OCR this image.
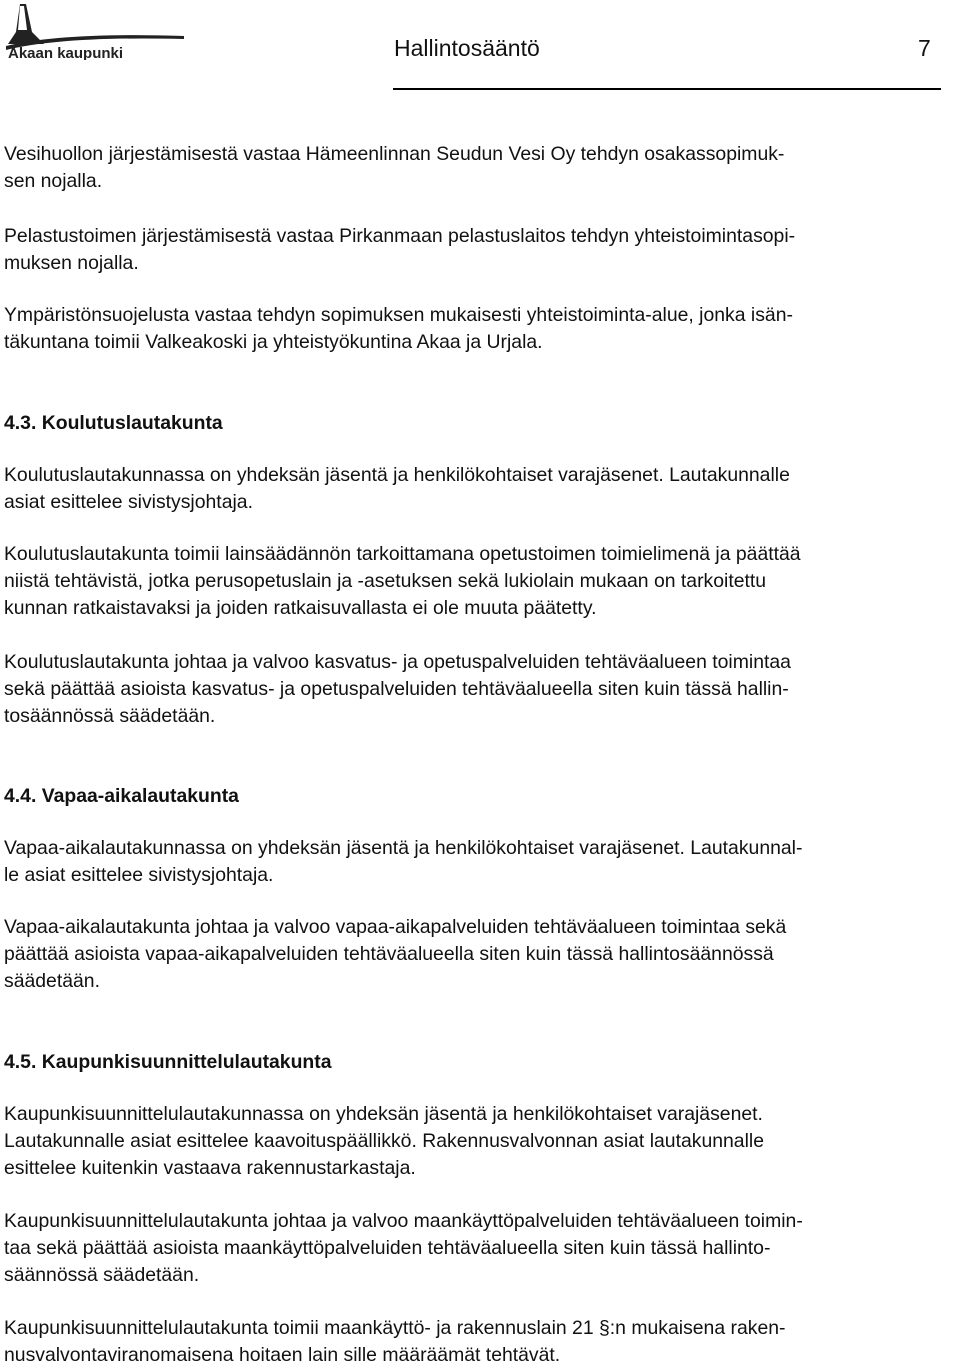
Akaan kaupunki	Hallintosääntö	7

Vesihuollon järjestämisestä vastaa Hämeenlinnan Seudun Vesi Oy tehdyn osakassopimuk-
sen nojalla.

Pelastustoimen järjestämisestä vastaa Pirkanmaan pelastuslaitos tehdyn yhteistoimintasopi-
muksen nojalla.

Ympäristönsuojelusta vastaa tehdyn sopimuksen mukaisesti yhteistoiminta-alue, jonka isän-
täkuntana toimii Valkeakoski ja yhteistyökuntina Akaa ja Urjala.

4.3. Koulutuslautakunta

Koulutuslautakunnassa on yhdeksän jäsentä ja henkilökohtaiset varajäsenet. Lautakunnalle
asiat esittelee sivistysjohtaja.

Koulutuslautakunta toimii lainsäädännön tarkoittamana opetustoimen toimielimenä ja päättää
niistä tehtävistä, jotka perusopetuslain ja -asetuksen sekä lukiolain mukaan on tarkoitettu
kunnan ratkaistavaksi ja joiden ratkaisuvallasta ei ole muuta päätetty.

Koulutuslautakunta johtaa ja valvoo kasvatus- ja opetuspalveluiden tehtäväalueen toimintaa
sekä päättää asioista kasvatus- ja opetuspalveluiden tehtäväalueella siten kuin tässä hallin-
tosäännössä säädetään.

4.4. Vapaa-aikalautakunta

Vapaa-aikalautakunnassa on yhdeksän jäsentä ja henkilökohtaiset varajäsenet. Lautakunnal-
le asiat esittelee sivistysjohtaja.

Vapaa-aikalautakunta johtaa ja valvoo vapaa-aikapalveluiden tehtäväalueen toimintaa sekä
päättää asioista vapaa-aikapalveluiden tehtäväalueella siten kuin tässä hallintosäännössä
säädetään.

4.5. Kaupunkisuunnittelulautakunta

Kaupunkisuunnittelulautakunnassa on yhdeksän jäsentä ja henkilökohtaiset varajäsenet.
Lautakunnalle asiat esittelee kaavoituspäällikkö. Rakennusvalvonnan asiat lautakunnalle
esittelee kuitenkin vastaava rakennustarkastaja.

Kaupunkisuunnittelulautakunta johtaa ja valvoo maankäyttöpalveluiden tehtäväalueen toimin-
taa sekä päättää asioista maankäyttöpalveluiden tehtäväalueella siten kuin tässä hallinto-
säännössä säädetään.

Kaupunkisuunnittelulautakunta toimii maankäyttö- ja rakennuslain 21 §:n mukaisena raken-
nusvalvontaviranomaisena hoitaen lain sille määräämät tehtävät.
